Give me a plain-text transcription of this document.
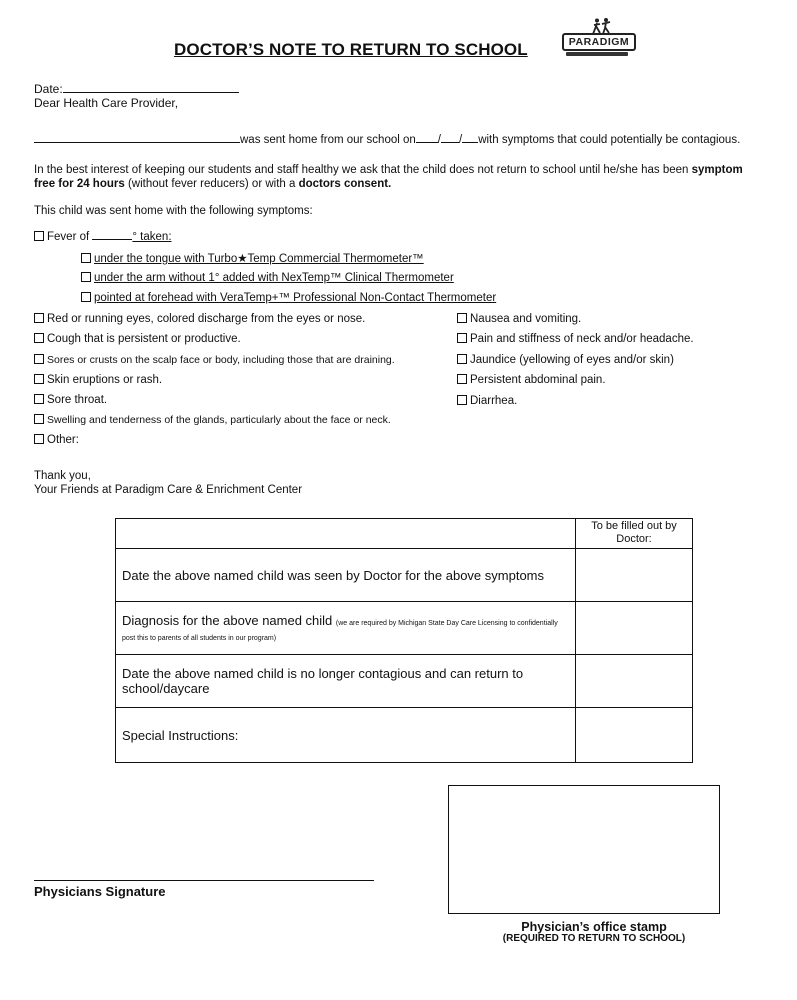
DOCTOR’S NOTE TO RETURN TO SCHOOL	PARADIGM
Date:
Dear Health Care Provider,
was sent home from our school on / / with symptoms that could potentially be contagious.
In the best interest of keeping our students and staff healthy we ask that the child does not return to school until he/she has been symptom free for 24 hours (without fever reducers) or with a doctors consent.
This child was sent home with the following symptoms:
Fever of	° taken:
under the tongue with Turbo★Temp Commercial Thermometer™
under the arm without 1° added with NexTemp™ Clinical Thermometer
pointed at forehead with VeraTemp+™ Professional Non-Contact Thermometer
Red or running eyes, colored discharge from the eyes or nose.
Cough that is persistent or productive.
Sores or crusts on the scalp face or body, including those that are draining.
Skin eruptions or rash.
Sore throat.
Swelling and tenderness of the glands, particularly about the face or neck.
Other:
Nausea and vomiting.
Pain and stiffness of neck and/or headache.
Jaundice (yellowing of eyes and/or skin)
Persistent abdominal pain.
Diarrhea.
Thank you,
Your Friends at Paradigm Care & Enrichment Center
	To be filled out by Doctor:
Date the above named child was seen by Doctor for the above symptoms	
Diagnosis for the above named child (we are required by Michigan State Day Care Licensing to confidentially post this to parents of all students in our program)	
Date the above named child is no longer contagious and can return to school/daycare	
Special Instructions:	
Physicians Signature
Physician’s office stamp
(REQUIRED TO RETURN TO SCHOOL)
